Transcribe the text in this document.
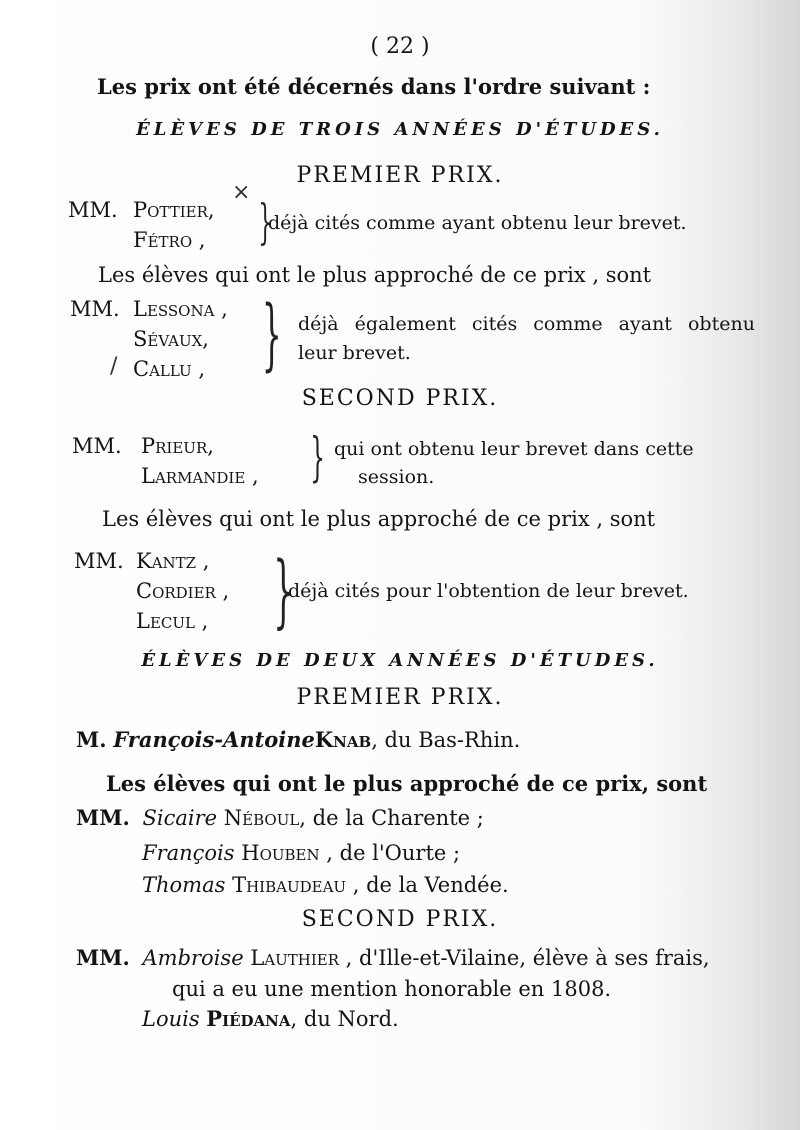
( 22 )
Les prix ont été décernés dans l'ordre suivant :
ÉLÈVES DE TROIS ANNÉES D'ÉTUDES.
PREMIER PRIX.
MM. Pottier,
Fétro , }
déjà cités comme ayant obtenu leur brevet.
×
Les élèves qui ont le plus approché de ce prix , sont
MM. Lessona ,
Sévaux,
Callu ,
/ } déjà également cités comme ayant obtenu
leur brevet.
SECOND PRIX.
MM. Prieur,
Larmandie , } qui ont obtenu leur brevet dans cette
session.
Les élèves qui ont le plus approché de ce prix , sont
MM. Kantz ,
Cordier ,
Lecul , }
déjà cités pour l'obtention de leur brevet.
ÉLÈVES DE DEUX ANNÉES D'ÉTUDES.
PREMIER PRIX.
M. François-AntoineKnab, du Bas-Rhin.
Les élèves qui ont le plus approché de ce prix, sont
MM. Sicaire Néboul, de la Charente ;
François Houben , de l'Ourte ;
Thomas Thibaudeau , de la Vendée.
SECOND PRIX.
MM. Ambroise Lauthier , d'Ille-et-Vilaine, élève à ses frais,
qui a eu une mention honorable en 1808.
Louis Piédana, du Nord.
